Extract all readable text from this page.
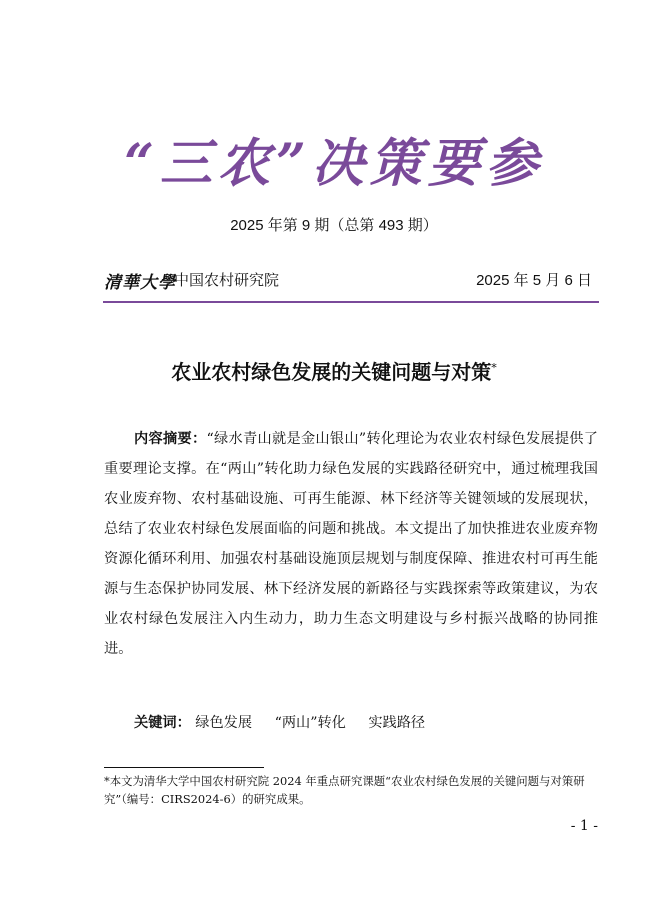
“三农”决策要参
2025 年第 9 期（总第 493 期）
清華大學
中国农村研究院	2025 年 5 月 6 日
农业农村绿色发展的关键问题与对策*

内容摘要：“绿水青山就是金山银山”转化理论为农业农村绿色发展提供了重要理论支撑。在“两山”转化助力绿色发展的实践路径研究中，通过梳理我国农业废弃物、农村基础设施、可再生能源、林下经济等关键领域的发展现状，总结了农业农村绿色发展面临的问题和挑战。本文提出了加快推进农业废弃物资源化循环利用、加强农村基础设施顶层规划与制度保障、推进农村可再生能源与生态保护协同发展、林下经济发展的新路径与实践探索等政策建议，为农业农村绿色发展注入内生动力，助力生态文明建设与乡村振兴战略的协同推进。

关键词： 绿色发展 “两山”转化 实践路径

*本文为清华大学中国农村研究院 2024 年重点研究课题“农业农村绿色发展的关键问题与对策研究”（编号：CIRS2024-6）的研究成果。

- 1 -
